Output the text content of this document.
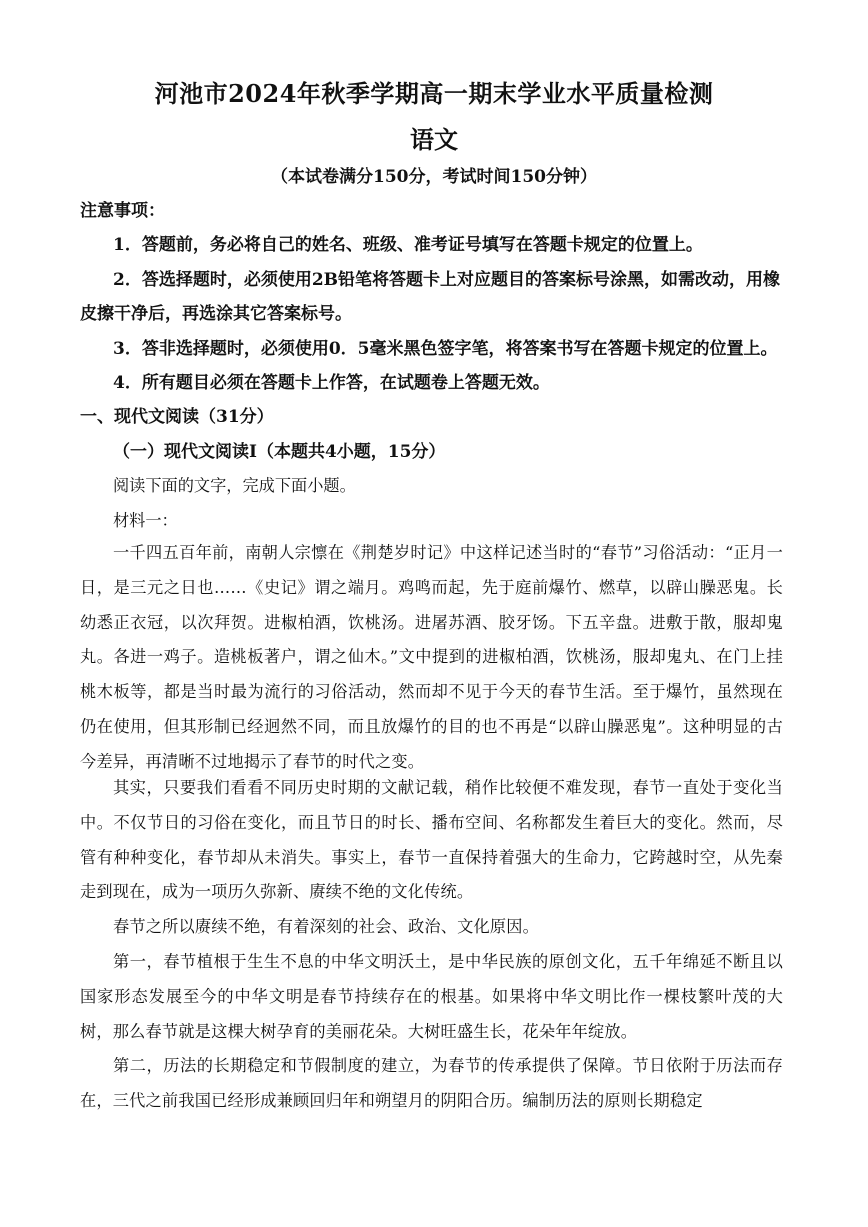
河池市2024年秋季学期高一期末学业水平质量检测
语文
（本试卷满分150分，考试时间150分钟）
注意事项：
1．答题前，务必将自己的姓名、班级、准考证号填写在答题卡规定的位置上。
2．答选择题时，必须使用2B铅笔将答题卡上对应题目的答案标号涂黑，如需改动，用橡
皮擦干净后，再选涂其它答案标号。
3．答非选择题时，必须使用0．5毫米黑色签字笔，将答案书写在答题卡规定的位置上。
4．所有题目必须在答题卡上作答，在试题卷上答题无效。
一、现代文阅读（31分）
（一）现代文阅读Ⅰ（本题共4小题，15分）
阅读下面的文字，完成下面小题。
材料一：
一千四五百年前，南朝人宗懔在《荆楚岁时记》中这样记述当时的“春节”习俗活动：“正月一日，是三元之日也……《史记》谓之端月。鸡鸣而起，先于庭前爆竹、燃草，以辟山臊恶鬼。长幼悉正衣冠，以次拜贺。进椒柏酒，饮桃汤。进屠苏酒、胶牙饧。下五辛盘。进敷于散，服却鬼丸。各进一鸡子。造桃板著户，谓之仙木。”文中提到的进椒柏酒，饮桃汤，服却鬼丸、在门上挂桃木板等，都是当时最为流行的习俗活动，然而却不见于今天的春节生活。至于爆竹，虽然现在仍在使用，但其形制已经迥然不同，而且放爆竹的目的也不再是“以辟山臊恶鬼”。这种明显的古今差异，再清晰不过地揭示了春节的时代之变。
其实，只要我们看看不同历史时期的文献记载，稍作比较便不难发现，春节一直处于变化当中。不仅节日的习俗在变化，而且节日的时长、播布空间、名称都发生着巨大的变化。然而，尽管有种种变化，春节却从未消失。事实上，春节一直保持着强大的生命力，它跨越时空，从先秦走到现在，成为一项历久弥新、赓续不绝的文化传统。
春节之所以赓续不绝，有着深刻的社会、政治、文化原因。
第一，春节植根于生生不息的中华文明沃土，是中华民族的原创文化，五千年绵延不断且以国家形态发展至今的中华文明是春节持续存在的根基。如果将中华文明比作一棵枝繁叶茂的大树，那么春节就是这棵大树孕育的美丽花朵。大树旺盛生长，花朵年年绽放。
第二，历法的长期稳定和节假制度的建立，为春节的传承提供了保障。节日依附于历法而存在，三代之前我国已经形成兼顾回归年和朔望月的阴阳合历。编制历法的原则长期稳定
